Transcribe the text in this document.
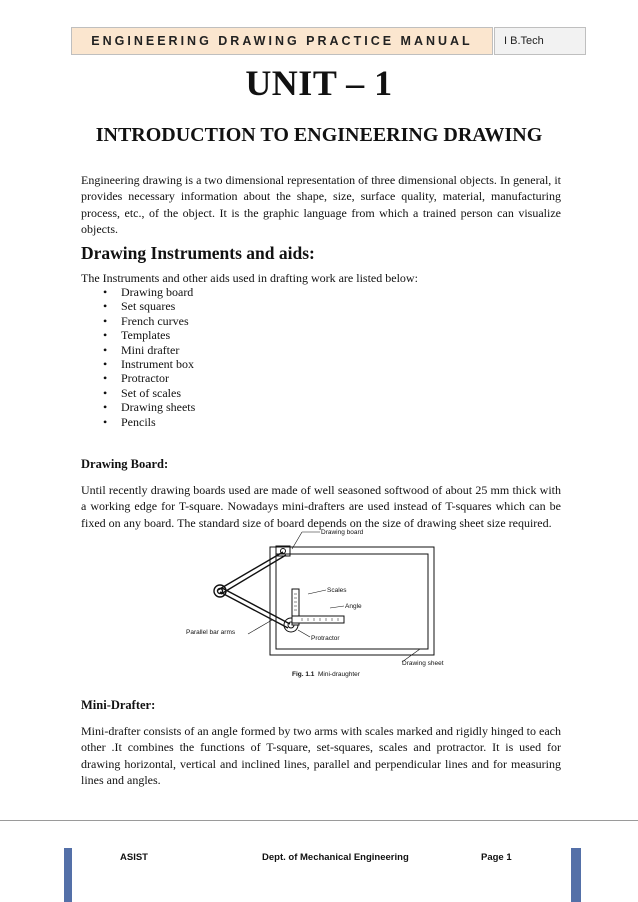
ENGINEERING DRAWING PRACTICE MANUAL	I B.Tech
UNIT – 1
INTRODUCTION TO ENGINEERING DRAWING
Engineering drawing is a two dimensional representation of three dimensional objects. In general, it provides necessary information about the shape, size, surface quality, material, manufacturing process, etc., of the object. It is the graphic language from which a trained person can visualize objects.
Drawing Instruments and aids:
The Instruments and other aids used in drafting work are listed below:
• Drawing board
• Set squares
• French curves
• Templates
• Mini drafter
• Instrument box
• Protractor
• Set of scales
• Drawing sheets
• Pencils
Drawing Board:
Until recently drawing boards used are made of well seasoned softwood of about 25 mm thick with a working edge for T-square. Nowadays mini-drafters are used instead of T-squares which can be fixed on any board. The standard size of board depends on the size of drawing sheet size required.
Drawing board
Scales
Angle
Parallel bar arms
Protractor
Drawing sheet
Fig. 1.1 Mini-draughter
Mini-Drafter:
Mini-drafter consists of an angle formed by two arms with scales marked and rigidly hinged to each other .It combines the functions of T-square, set-squares, scales and protractor. It is used for drawing horizontal, vertical and inclined lines, parallel and perpendicular lines and for measuring lines and angles.
ASIST	Dept. of Mechanical Engineering	Page 1
